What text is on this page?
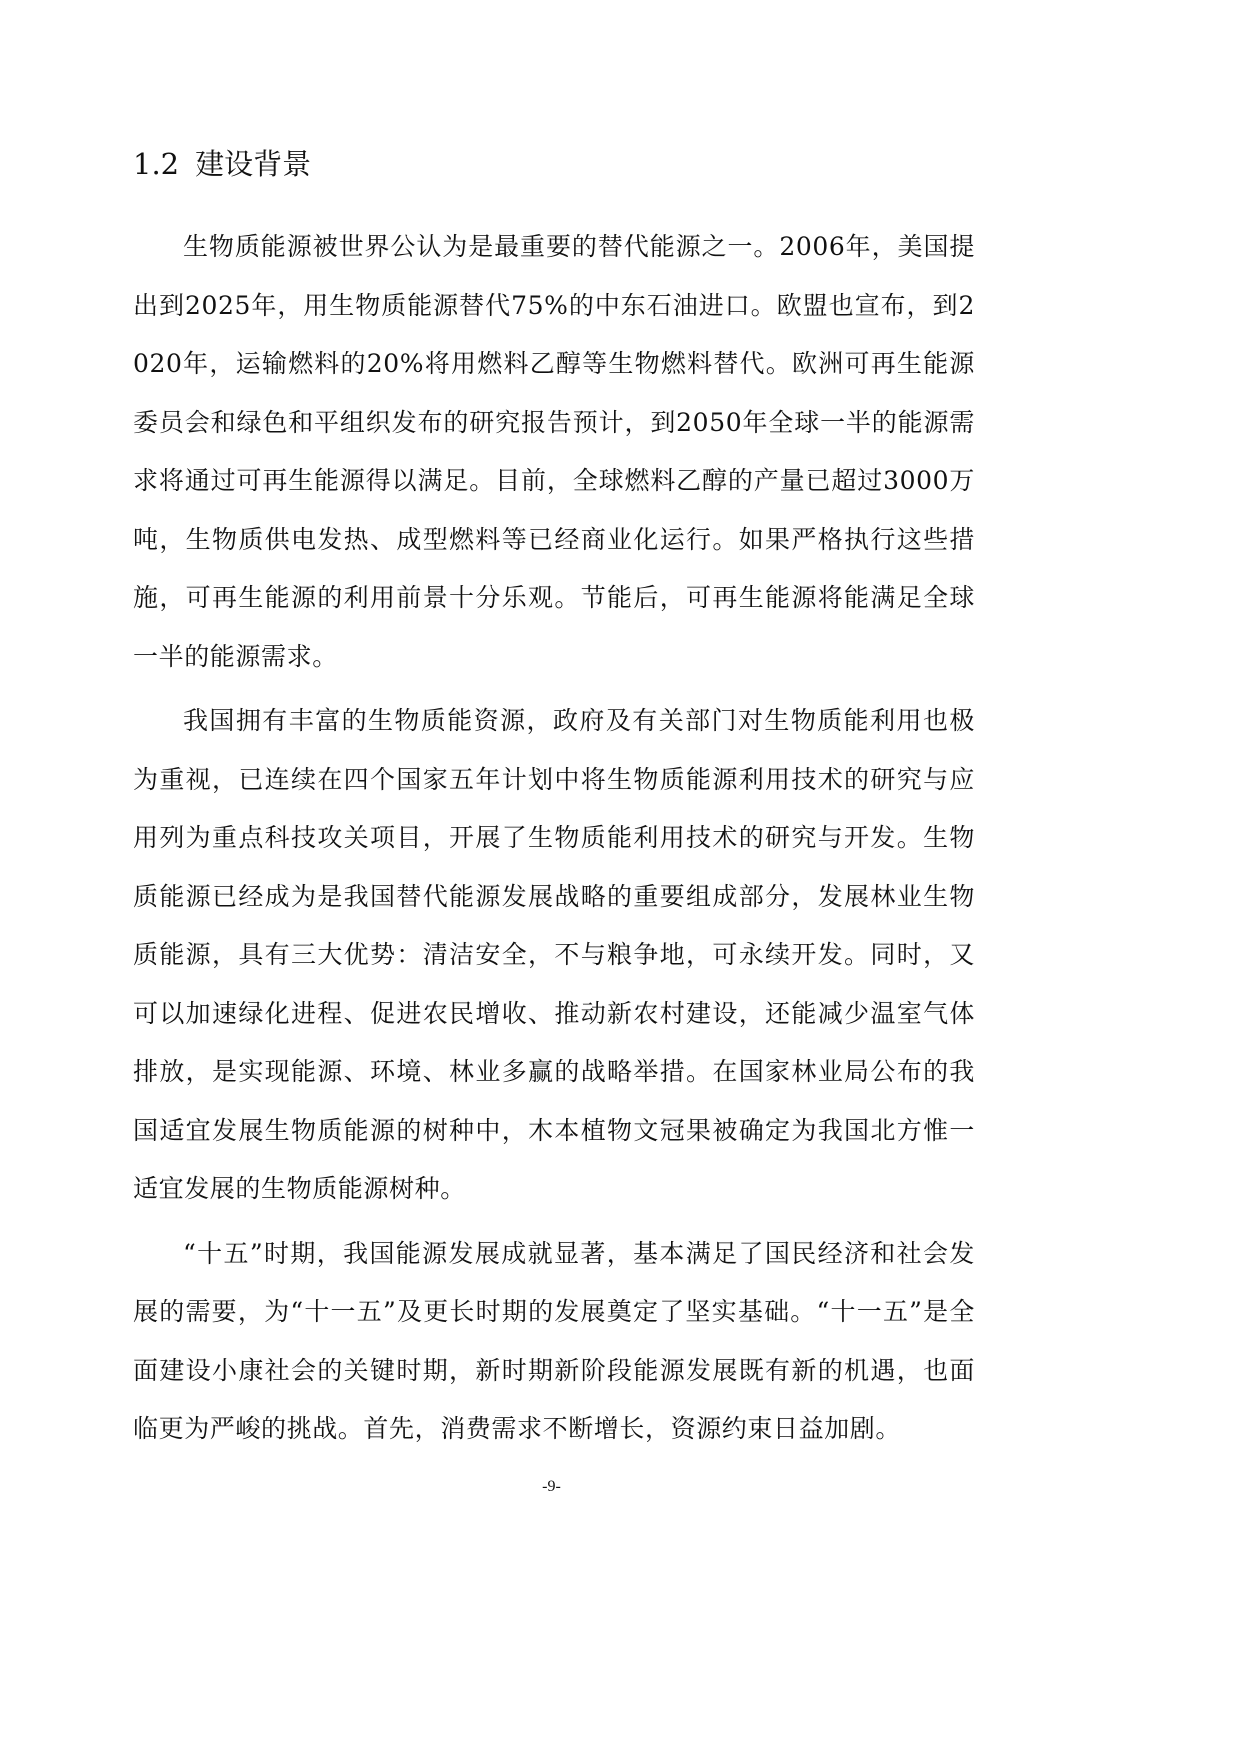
1.2 建设背景

生物质能源被世界公认为是最重要的替代能源之一。2006年，美国提出到2025年，用生物质能源替代75%的中东石油进口。欧盟也宣布，到2020年，运输燃料的20%将用燃料乙醇等生物燃料替代。欧洲可再生能源委员会和绿色和平组织发布的研究报告预计，到2050年全球一半的能源需求将通过可再生能源得以满足。目前，全球燃料乙醇的产量已超过3000万吨，生物质供电发热、成型燃料等已经商业化运行。如果严格执行这些措施，可再生能源的利用前景十分乐观。节能后，可再生能源将能满足全球一半的能源需求。

我国拥有丰富的生物质能资源，政府及有关部门对生物质能利用也极为重视，已连续在四个国家五年计划中将生物质能源利用技术的研究与应用列为重点科技攻关项目，开展了生物质能利用技术的研究与开发。生物质能源已经成为是我国替代能源发展战略的重要组成部分，发展林业生物质能源，具有三大优势：清洁安全，不与粮争地，可永续开发。同时，又可以加速绿化进程、促进农民增收、推动新农村建设，还能减少温室气体排放，是实现能源、环境、林业多赢的战略举措。在国家林业局公布的我国适宜发展生物质能源的树种中，木本植物文冠果被确定为我国北方惟一适宜发展的生物质能源树种。

“十五”时期，我国能源发展成就显著，基本满足了国民经济和社会发展的需要，为“十一五”及更长时期的发展奠定了坚实基础。“十一五”是全面建设小康社会的关键时期，新时期新阶段能源发展既有新的机遇，也面临更为严峻的挑战。首先，消费需求不断增长，资源约束日益加剧。

-9-
